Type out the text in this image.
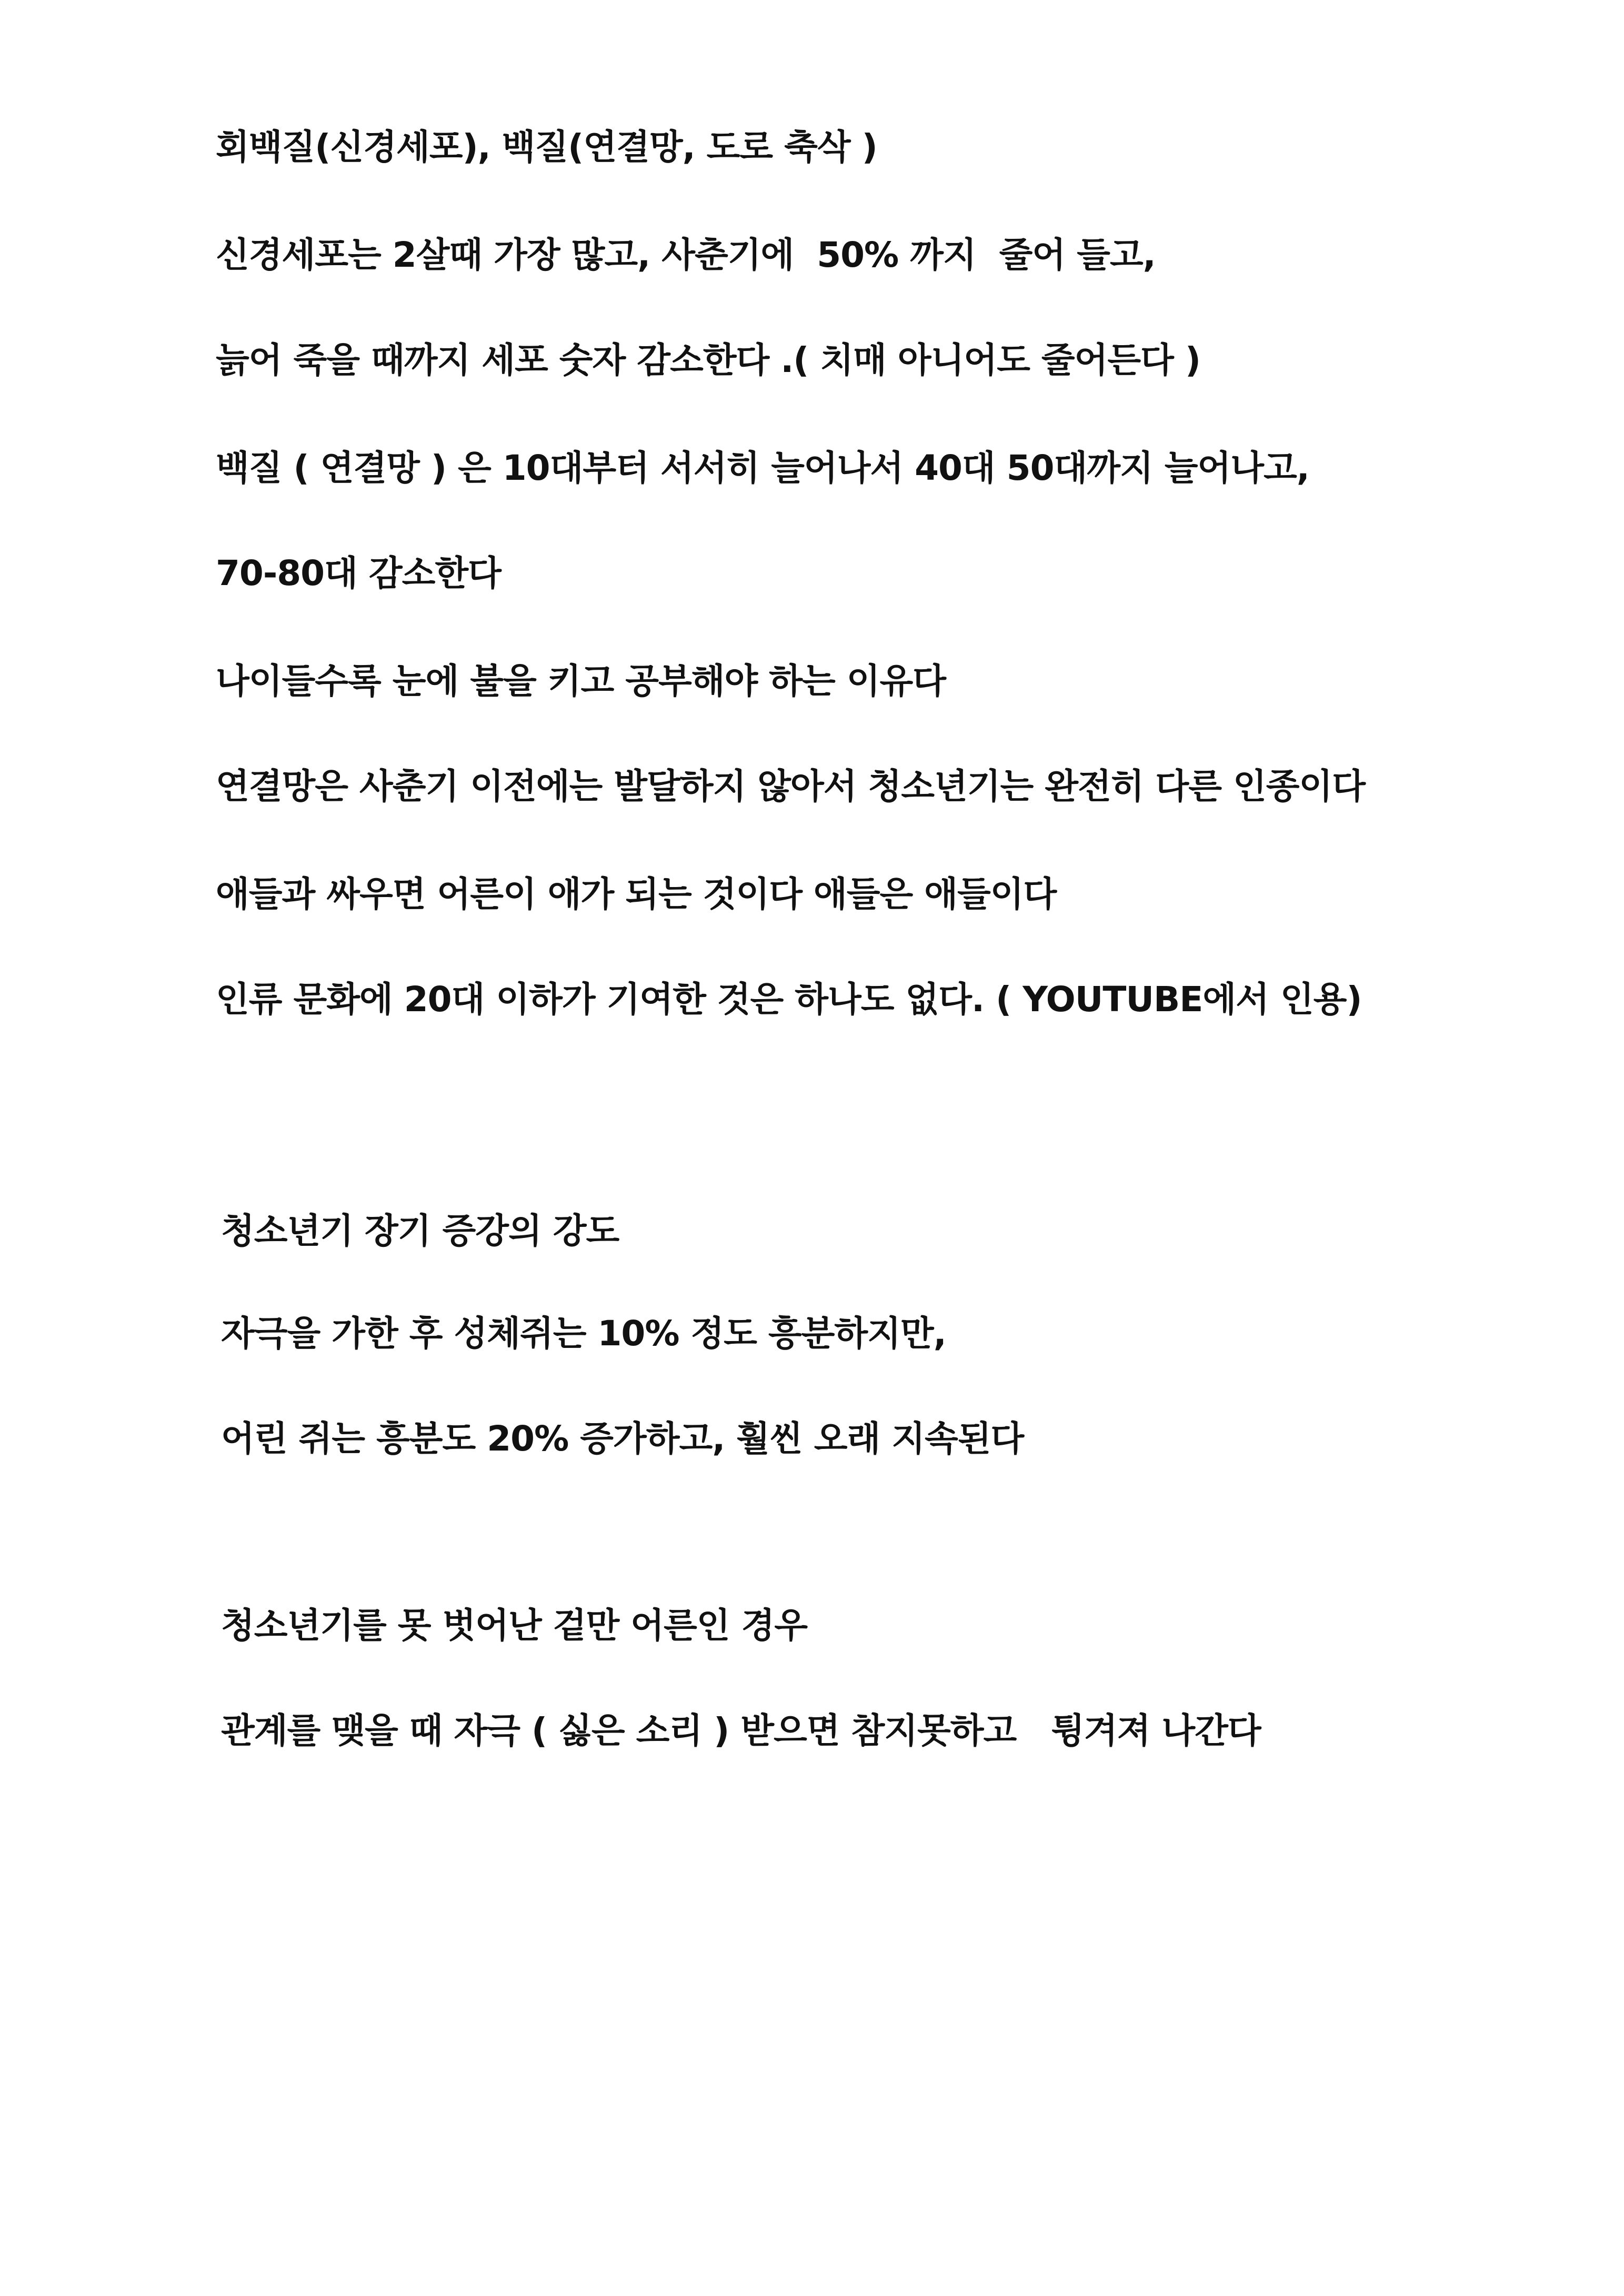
회백질(신경세포), 백질(연결망, 도로 축삭 )
신경세포는 2살때 가장 많고, 사춘기에  50% 까지  줄어 들고,
늙어 죽을 때까지 세포 숫자 감소한다 .( 치매 아니어도 줄어든다 )
백질 ( 연결망 ) 은 10대부터 서서히 늘어나서 40대 50대까지 늘어나고,
70-80대 감소한다
나이들수록 눈에 불을 키고 공부해야 하는 이유다
연결망은 사춘기 이전에는 발달하지 않아서 청소년기는 완전히 다른 인종이다
애들과 싸우면 어른이 애가 되는 것이다 애들은 애들이다
인류 문화에 20대 이하가 기여한 것은 하나도 없다. ( YOUTUBE에서 인용)
청소년기 장기 증강의 강도
자극을 가한 후 성체쥐는 10% 정도 흥분하지만,
어린 쥐는 흥분도 20% 증가하고, 훨씬 오래 지속된다
청소년기를 못 벗어난 겉만 어른인 경우
관계를 맺을 때 자극 ( 싫은 소리 ) 받으면 참지못하고   튕겨져 나간다
